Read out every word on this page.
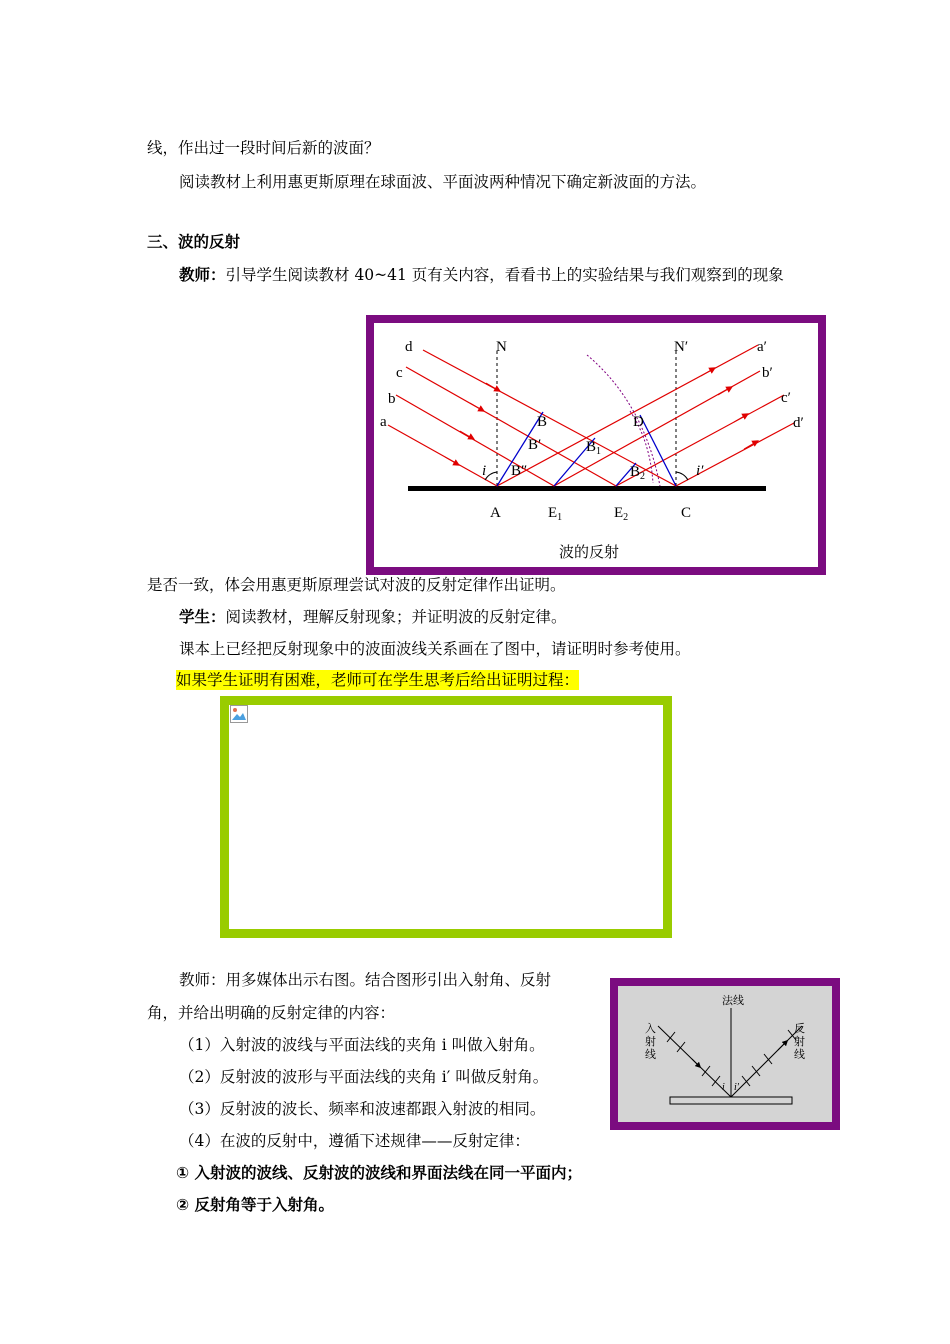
线，作出过一段时间后新的波面？
阅读教材上利用惠更斯原理在球面波、平面波两种情况下确定新波面的方法。
三、波的反射
教师：引导学生阅读教材 40~41 页有关内容，看看书上的实验结果与我们观察到的现象
d
c
b
a
N	N′	a′
b′
c′
d′
B
B′
B″
$B_1$
D
$B_2$
i	i′
A	$E_1$	$E_2$	C
波的反射
是否一致，体会用惠更斯原理尝试对波的反射定律作出证明。
学生：阅读教材，理解反射现象；并证明波的反射定律。
课本上已经把反射现象中的波面波线关系画在了图中，请证明时参考使用。
如果学生证明有困难，老师可在学生思考后给出证明过程：
教师：用多媒体出示右图。结合图形引出入射角、反射
角，并给出明确的反射定律的内容：
（1）入射波的波线与平面法线的夹角 i 叫做入射角。
（2）反射波的波形与平面法线的夹角 i′ 叫做反射角。
（3）反射波的波长、频率和波速都跟入射波的相同。
（4）在波的反射中，遵循下述规律——反射定律：
① 入射波的波线、反射波的波线和界面法线在同一平面内；
② 反射角等于入射角。
法线
入
射
线
反
射
线
i i′
